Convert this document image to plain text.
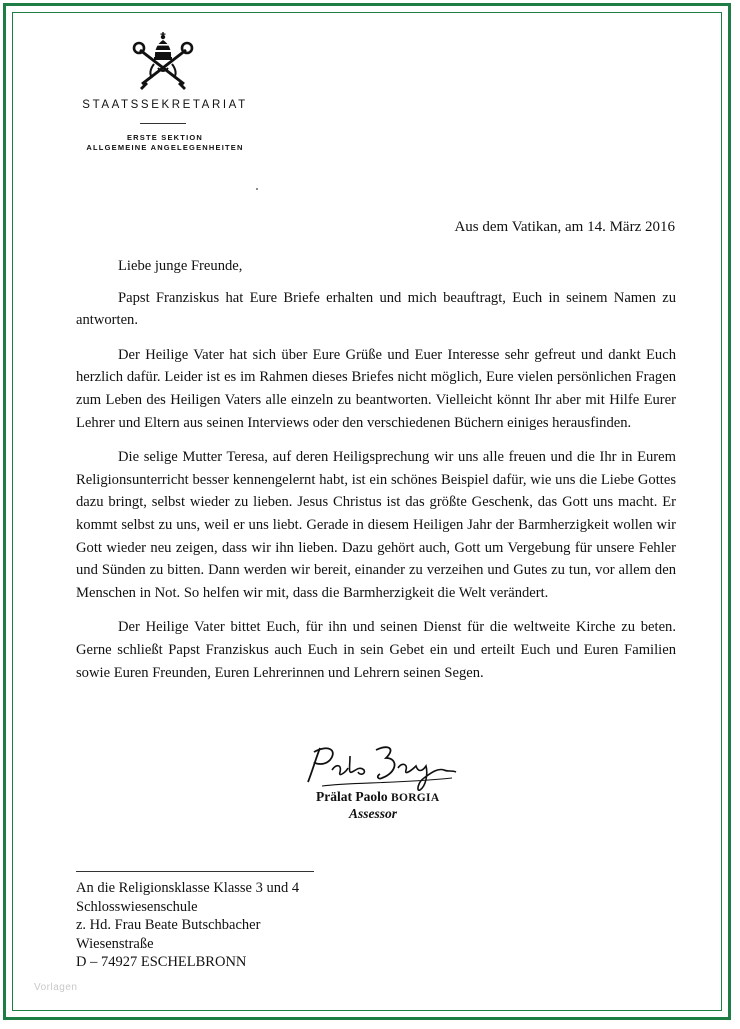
STAATSSEKRETARIAT
ERSTE SEKTION
ALLGEMEINE ANGELEGENHEITEN
Aus dem Vatikan, am 14. März 2016

Liebe junge Freunde,

Papst Franziskus hat Eure Briefe erhalten und mich beauftragt, Euch in seinem Namen zu antworten.

Der Heilige Vater hat sich über Eure Grüße und Euer Interesse sehr gefreut und dankt Euch herzlich dafür. Leider ist es im Rahmen dieses Briefes nicht möglich, Eure vielen persönlichen Fragen zum Leben des Heiligen Vaters alle einzeln zu beantworten. Vielleicht könnt Ihr aber mit Hilfe Eurer Lehrer und Eltern aus seinen Interviews oder den verschiedenen Büchern einiges herausfinden.

Die selige Mutter Teresa, auf deren Heiligsprechung wir uns alle freuen und die Ihr in Eurem Religionsunterricht besser kennengelernt habt, ist ein schönes Beispiel dafür, wie uns die Liebe Gottes dazu bringt, selbst wieder zu lieben. Jesus Christus ist das größte Geschenk, das Gott uns macht. Er kommt selbst zu uns, weil er uns liebt. Gerade in diesem Heiligen Jahr der Barmherzigkeit wollen wir Gott wieder neu zeigen, dass wir ihn lieben. Dazu gehört auch, Gott um Vergebung für unsere Fehler und Sünden zu bitten. Dann werden wir bereit, einander zu verzeihen und Gutes zu tun, vor allem den Menschen in Not. So helfen wir mit, dass die Barmherzigkeit die Welt verändert.

Der Heilige Vater bittet Euch, für ihn und seinen Dienst für die weltweite Kirche zu beten. Gerne schließt Papst Franziskus auch Euch in sein Gebet ein und erteilt Euch und Euren Familien sowie Euren Freunden, Euren Lehrerinnen und Lehrern seinen Segen.

Prälat Paolo BORGIA
Assessor
An die Religionsklasse Klasse 3 und 4
Schlosswiesenschule
z. Hd. Frau Beate Butschbacher
Wiesenstraße
D – 74927 ESCHELBRONN
Vorlagen
